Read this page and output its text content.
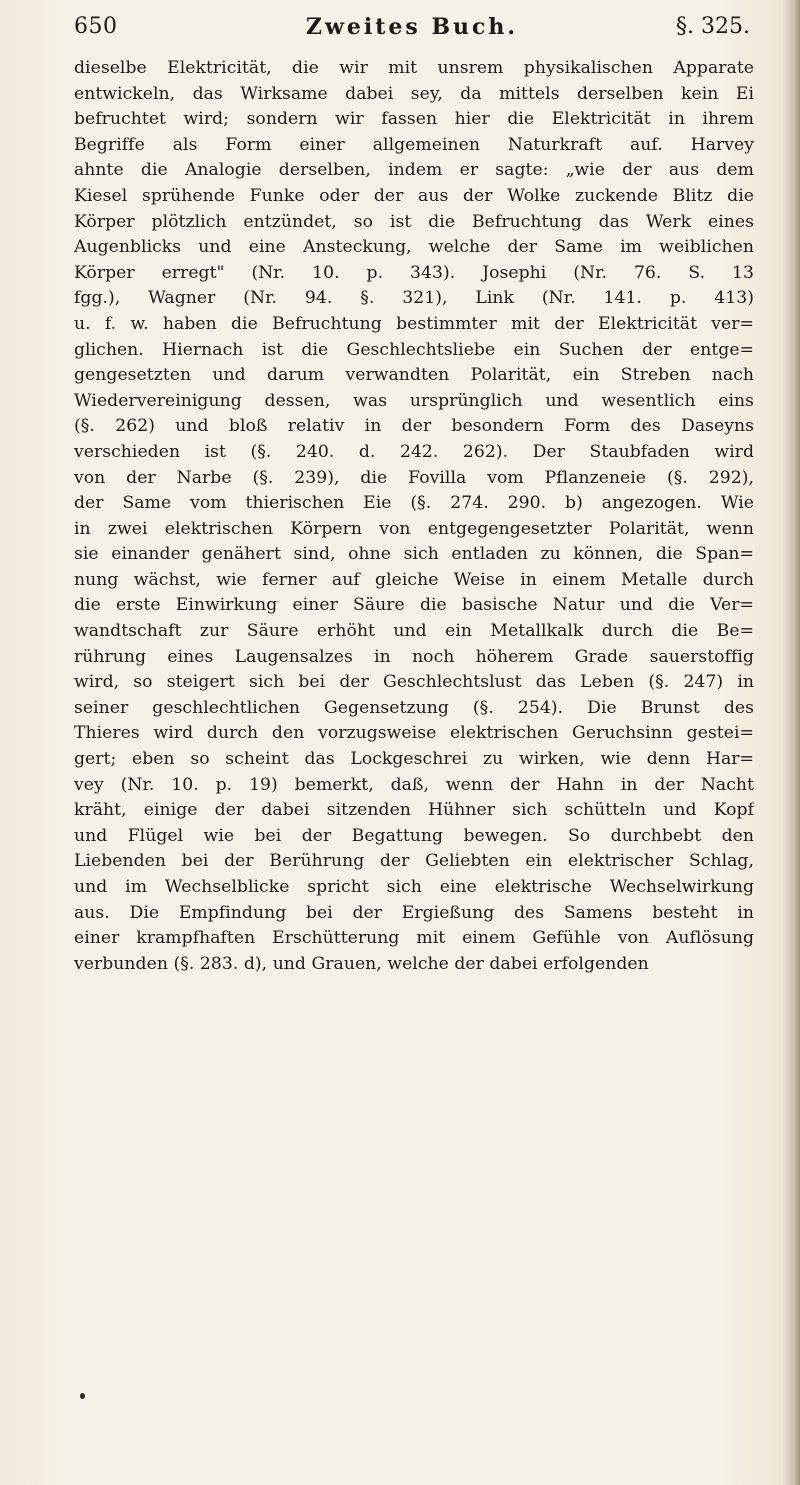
650	Zweites Buch.	§. 325.
dieselbe Elektricität, die wir mit unsrem physikalischen Apparate
entwickeln, das Wirksame dabei sey, da mittels derselben kein Ei
befruchtet wird; sondern wir fassen hier die Elektricität in ihrem
Begriffe als Form einer allgemeinen Naturkraft auf. Harvey
ahnte die Analogie derselben, indem er sagte: „wie der aus dem
Kiesel sprühende Funke oder der aus der Wolke zuckende Blitz die
Körper plötzlich entzündet, so ist die Befruchtung das Werk eines
Augenblicks und eine Ansteckung, welche der Same im weiblichen
Körper erregt" (Nr. 10. p. 343). Josephi (Nr. 76. S. 13
fgg.), Wagner (Nr. 94. §. 321), Link (Nr. 141. p. 413)
u. f. w. haben die Befruchtung bestimmter mit der Elektricität ver=
glichen. Hiernach ist die Geschlechtsliebe ein Suchen der entge=
gengesetzten und darum verwandten Polarität, ein Streben nach
Wiedervereinigung dessen, was ursprünglich und wesentlich eins
(§. 262) und bloß relativ in der besondern Form des Daseyns
verschieden ist (§. 240. d. 242. 262). Der Staubfaden wird
von der Narbe (§. 239), die Fovilla vom Pflanzeneie (§. 292),
der Same vom thierischen Eie (§. 274. 290. b) angezogen. Wie
in zwei elektrischen Körpern von entgegengesetzter Polarität, wenn
sie einander genähert sind, ohne sich entladen zu können, die Span=
nung wächst, wie ferner auf gleiche Weise in einem Metalle durch
die erste Einwirkung einer Säure die basische Natur und die Ver=
wandtschaft zur Säure erhöht und ein Metallkalk durch die Be=
rührung eines Laugensalzes in noch höherem Grade sauerstoffig
wird, so steigert sich bei der Geschlechtslust das Leben (§. 247) in
seiner geschlechtlichen Gegensetzung (§. 254). Die Brunst des
Thieres wird durch den vorzugsweise elektrischen Geruchsinn gestei=
gert; eben so scheint das Lockgeschrei zu wirken, wie denn Har=
vey (Nr. 10. p. 19) bemerkt, daß, wenn der Hahn in der Nacht
kräht, einige der dabei sitzenden Hühner sich schütteln und Kopf
und Flügel wie bei der Begattung bewegen. So durchbebt den
Liebenden bei der Berührung der Geliebten ein elektrischer Schlag,
und im Wechselblicke spricht sich eine elektrische Wechselwirkung
aus. Die Empfindung bei der Ergießung des Samens besteht in
einer krampfhaften Erschütterung mit einem Gefühle von Auflösung
verbunden (§. 283. d), und Grauen, welche der dabei erfolgenden
